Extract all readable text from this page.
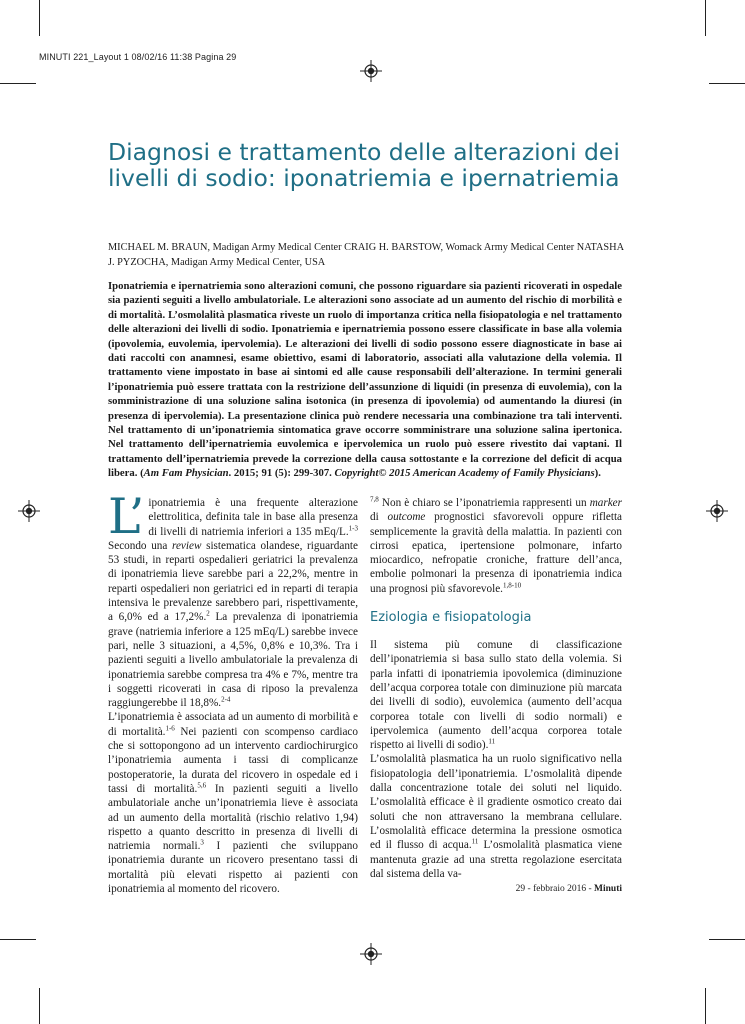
MINUTI 221_Layout 1 08/02/16 11:38 Pagina 29
Diagnosi e trattamento delle alterazioni dei livelli di sodio: iponatriemia e ipernatriemia
MICHAEL M. BRAUN, Madigan Army Medical Center CRAIG H. BARSTOW, Womack Army Medical Center NATASHA J. PYZOCHA, Madigan Army Medical Center, USA

Iponatriemia e ipernatriemia sono alterazioni comuni, che possono riguardare sia pazienti ricoverati in ospedale sia pazienti seguiti a livello ambulatoriale. Le alterazioni sono associate ad un aumento del rischio di morbilità e di mortalità. L’osmolalità plasmatica riveste un ruolo di importanza critica nella fisiopatologia e nel trattamento delle alterazioni dei livelli di sodio. Iponatriemia e ipernatriemia possono essere classificate in base alla volemia (ipovolemia, euvolemia, ipervolemia). Le alterazioni dei livelli di sodio possono essere diagnosticate in base ai dati raccolti con anamnesi, esame obiettivo, esami di laboratorio, associati alla valutazione della volemia. Il trattamento viene impostato in base ai sintomi ed alle cause responsabili dell’alterazione. In termini generali l’iponatriemia può essere trattata con la restrizione dell’assunzione di liquidi (in presenza di euvolemia), con la somministrazione di una soluzione salina isotonica (in presenza di ipovolemia) od aumentando la diuresi (in presenza di ipervolemia). La presentazione clinica può rendere necessaria una combinazione tra tali interventi. Nel trattamento di un’iponatriemia sintomatica grave occorre somministrare una soluzione salina ipertonica. Nel trattamento dell’ipernatriemia euvolemica e ipervolemica un ruolo può essere rivestito dai vaptani. Il trattamento dell’ipernatriemia prevede la correzione della causa sottostante e la correzione del deficit di acqua libera. (Am Fam Physician. 2015; 91 (5): 299-307. Copyright© 2015 American Academy of Family Physicians).

L’ iponatriemia è una frequente alterazione elettrolitica, definita tale in base alla presenza di livelli di natriemia inferiori a 135 mEq/L.$^{1-3}$ Secondo una review sistematica olandese, riguardante 53 studi, in reparti ospedalieri geriatrici la prevalenza di iponatriemia lieve sarebbe pari a 22,2%, mentre in reparti ospedalieri non geriatrici ed in reparti di terapia intensiva le prevalenze sarebbero pari, rispettivamente, a 6,0% ed a 17,2%.$^2$ La prevalenza di iponatriemia grave (natriemia inferiore a 125 mEq/L) sarebbe invece pari, nelle 3 situazioni, a 4,5%, 0,8% e 10,3%. Tra i pazienti seguiti a livello ambulatoriale la prevalenza di iponatriemia sarebbe compresa tra 4% e 7%, mentre tra i soggetti ricoverati in casa di riposo la prevalenza raggiungerebbe il 18,8%.$^{2-4}$

L’iponatriemia è associata ad un aumento di morbilità e di mortalità.$^{1-6}$ Nei pazienti con scompenso cardiaco che si sottopongono ad un intervento cardiochirurgico l’iponatriemia aumenta i tassi di complicanze postoperatorie, la durata del ricovero in ospedale ed i tassi di mortalità.$^{5,6}$ In pazienti seguiti a livello ambulatoriale anche un’iponatriemia lieve è associata ad un aumento della mortalità (rischio relativo 1,94) rispetto a quanto descritto in presenza di livelli di natriemia normali.$^3$ I pazienti che sviluppano iponatriemia durante un ricovero presentano tassi di mortalità più elevati rispetto ai pazienti con iponatriemia al momento del ricovero.

$^{7,8}$ Non è chiaro se l’iponatriemia rappresenti un marker di outcome prognostici sfavorevoli oppure rifletta semplicemente la gravità della malattia. In pazienti con cirrosi epatica, ipertensione polmonare, infarto miocardico, nefropatie croniche, fratture dell’anca, embolie polmonari la presenza di iponatriemia indica una prognosi più sfavorevole.$^{1,8-10}$

Eziologia e fisiopatologia

Il sistema più comune di classificazione dell’iponatriemia si basa sullo stato della volemia. Si parla infatti di iponatriemia ipovolemica (diminuzione dell’acqua corporea totale con diminuzione più marcata dei livelli di sodio), euvolemica (aumento dell’acqua corporea totale con livelli di sodio normali) e ipervolemica (aumento dell’acqua corporea totale rispetto ai livelli di sodio).$^{11}$

L’osmolalità plasmatica ha un ruolo significativo nella fisiopatologia dell’iponatriemia. L’osmolalità dipende dalla concentrazione totale dei soluti nel liquido. L’osmolalità efficace è il gradiente osmotico creato dai soluti che non attraversano la membrana cellulare. L’osmolalità efficace determina la pressione osmotica ed il flusso di acqua.$^{11}$ L’osmolalità plasmatica viene mantenuta grazie ad una stretta regolazione esercitata dal sistema della va-

29 - febbraio 2016 - Minuti
